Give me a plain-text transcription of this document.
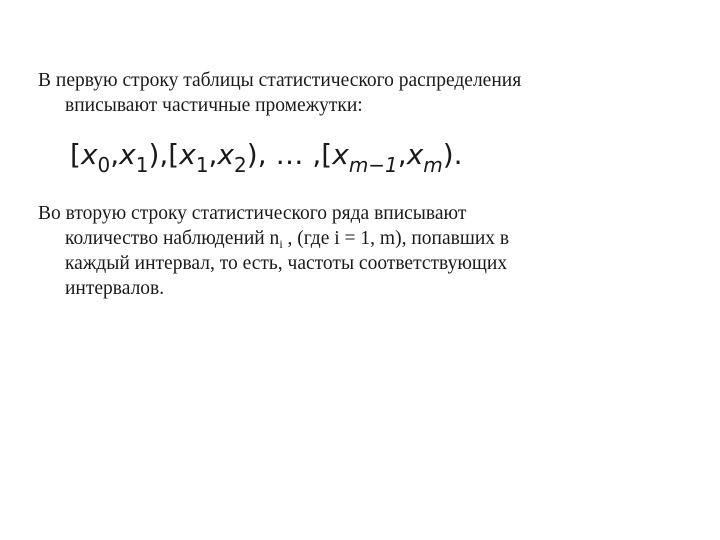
В первую строку таблицы статистического распределения
вписывают частичные промежутки:
$[x_0,x_1),[x_1,x_2)$, … $,[x_{m-1},x_m)$.
Во вторую строку статистического ряда вписывают
количество наблюдений $n_i$ , (где i = 1, m), попавших в
каждый интервал, то есть, частоты соответствующих
интервалов.
